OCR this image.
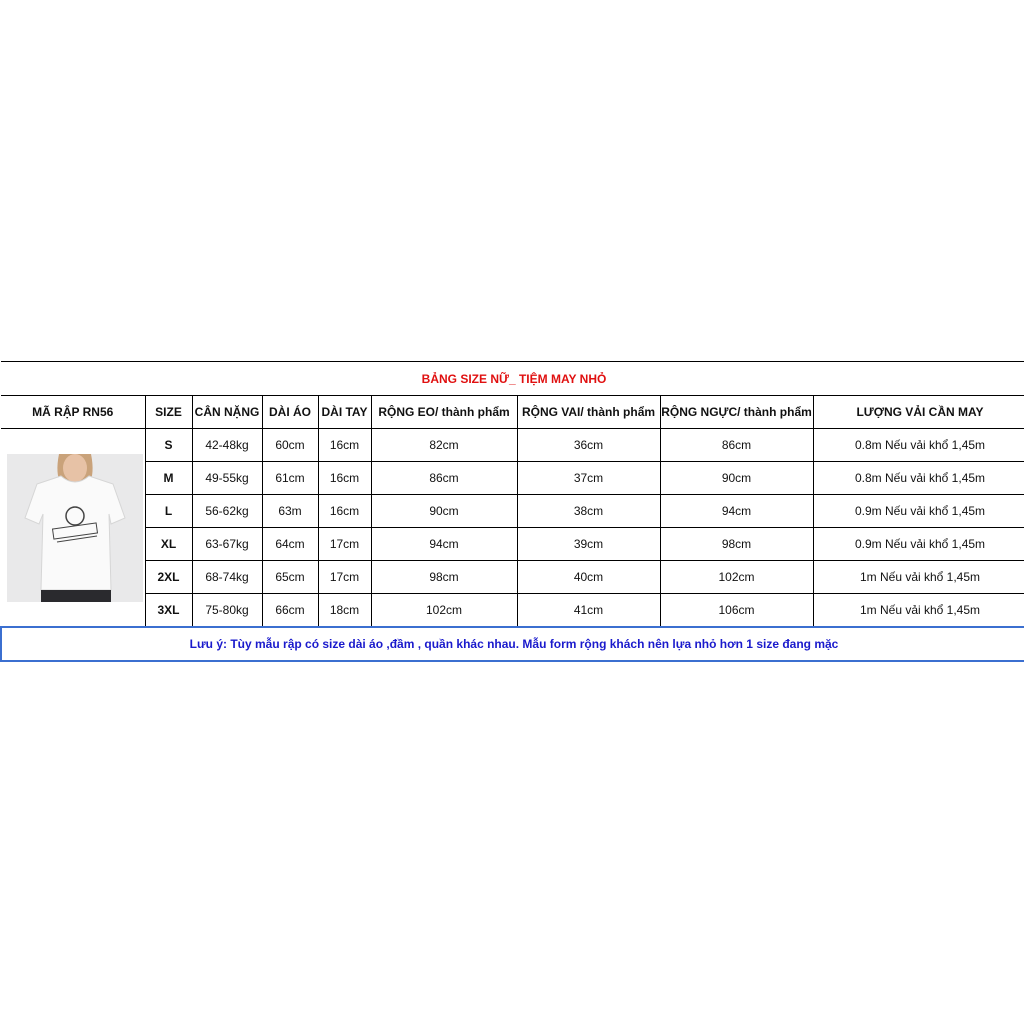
BẢNG SIZE NỮ_ TIỆM MAY NHỎ								
MÃ RẬP RN56	SIZE	CÂN NẶNG	DÀI ÁO	DÀI TAY	RỘNG EO/ thành phẩm	RỘNG VAI/ thành phẩm	RỘNG NGỰC/ thành phẩm	LƯỢNG VẢI CẦN MAY

	S	42-48kg	60cm	16cm	82cm	36cm	86cm	0.8m Nếu vải khổ 1,45m
	M	49-55kg	61cm	16cm	86cm	37cm	90cm	0.8m Nếu vải khổ 1,45m
	L	56-62kg	63m	16cm	90cm	38cm	94cm	0.9m Nếu vải khổ 1,45m
	XL	63-67kg	64cm	17cm	94cm	39cm	98cm	0.9m Nếu vải khổ 1,45m
	2XL	68-74kg	65cm	17cm	98cm	40cm	102cm	1m Nếu vải khổ 1,45m
	3XL	75-80kg	66cm	18cm	102cm	41cm	106cm	1m Nếu vải khổ 1,45m
Lưu ý: Tùy mẫu rập có size dài áo ,đầm , quần khác nhau. Mẫu form rộng khách nên lựa nhỏ hơn 1 size đang mặc								
